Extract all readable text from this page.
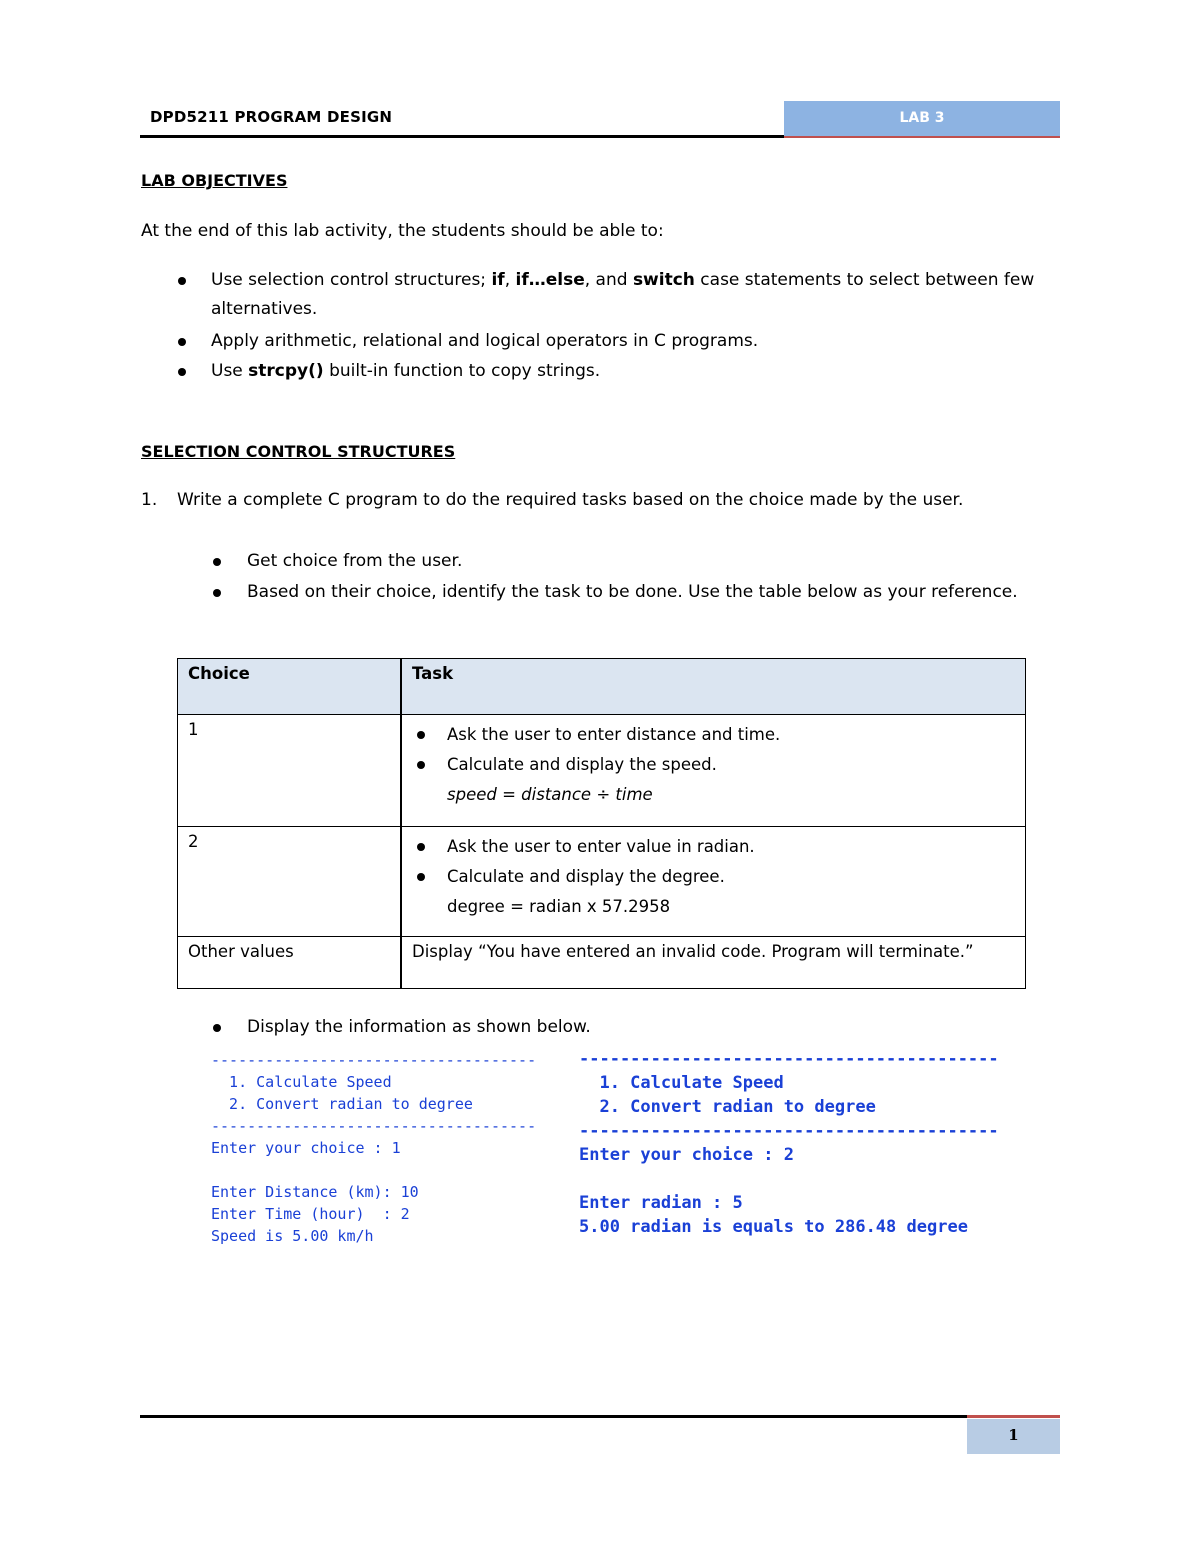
DPD5211 PROGRAM DESIGN	LAB 3
LAB OBJECTIVES
At the end of this lab activity, the students should be able to:
Use selection control structures; if, if…else, and switch case statements to select between few
alternatives.
Apply arithmetic, relational and logical operators in C programs.
Use strcpy() built-in function to copy strings.
SELECTION CONTROL STRUCTURES
1. Write a complete C program to do the required tasks based on the choice made by the user.
Get choice from the user.
Based on their choice, identify the task to be done. Use the table below as your reference.
Choice	Task
1	Ask the user to enter distance and time.
Calculate and display the speed.
speed = distance ÷ time

2	Ask the user to enter value in radian.
Calculate and display the degree.
degree = radian x 57.2958

Other values	Display “You have entered an invalid code. Program will terminate.”
Display the information as shown below.
------------------------------------
1. Calculate Speed
2. Convert radian to degree
------------------------------------
Enter your choice : 1

Enter Distance (km): 10
Enter Time (hour)  : 2
Speed is 5.00 km/h
-----------------------------------------
1. Calculate Speed
2. Convert radian to degree
-----------------------------------------
Enter your choice : 2

Enter radian : 5
5.00 radian is equals to 286.48 degree
1
